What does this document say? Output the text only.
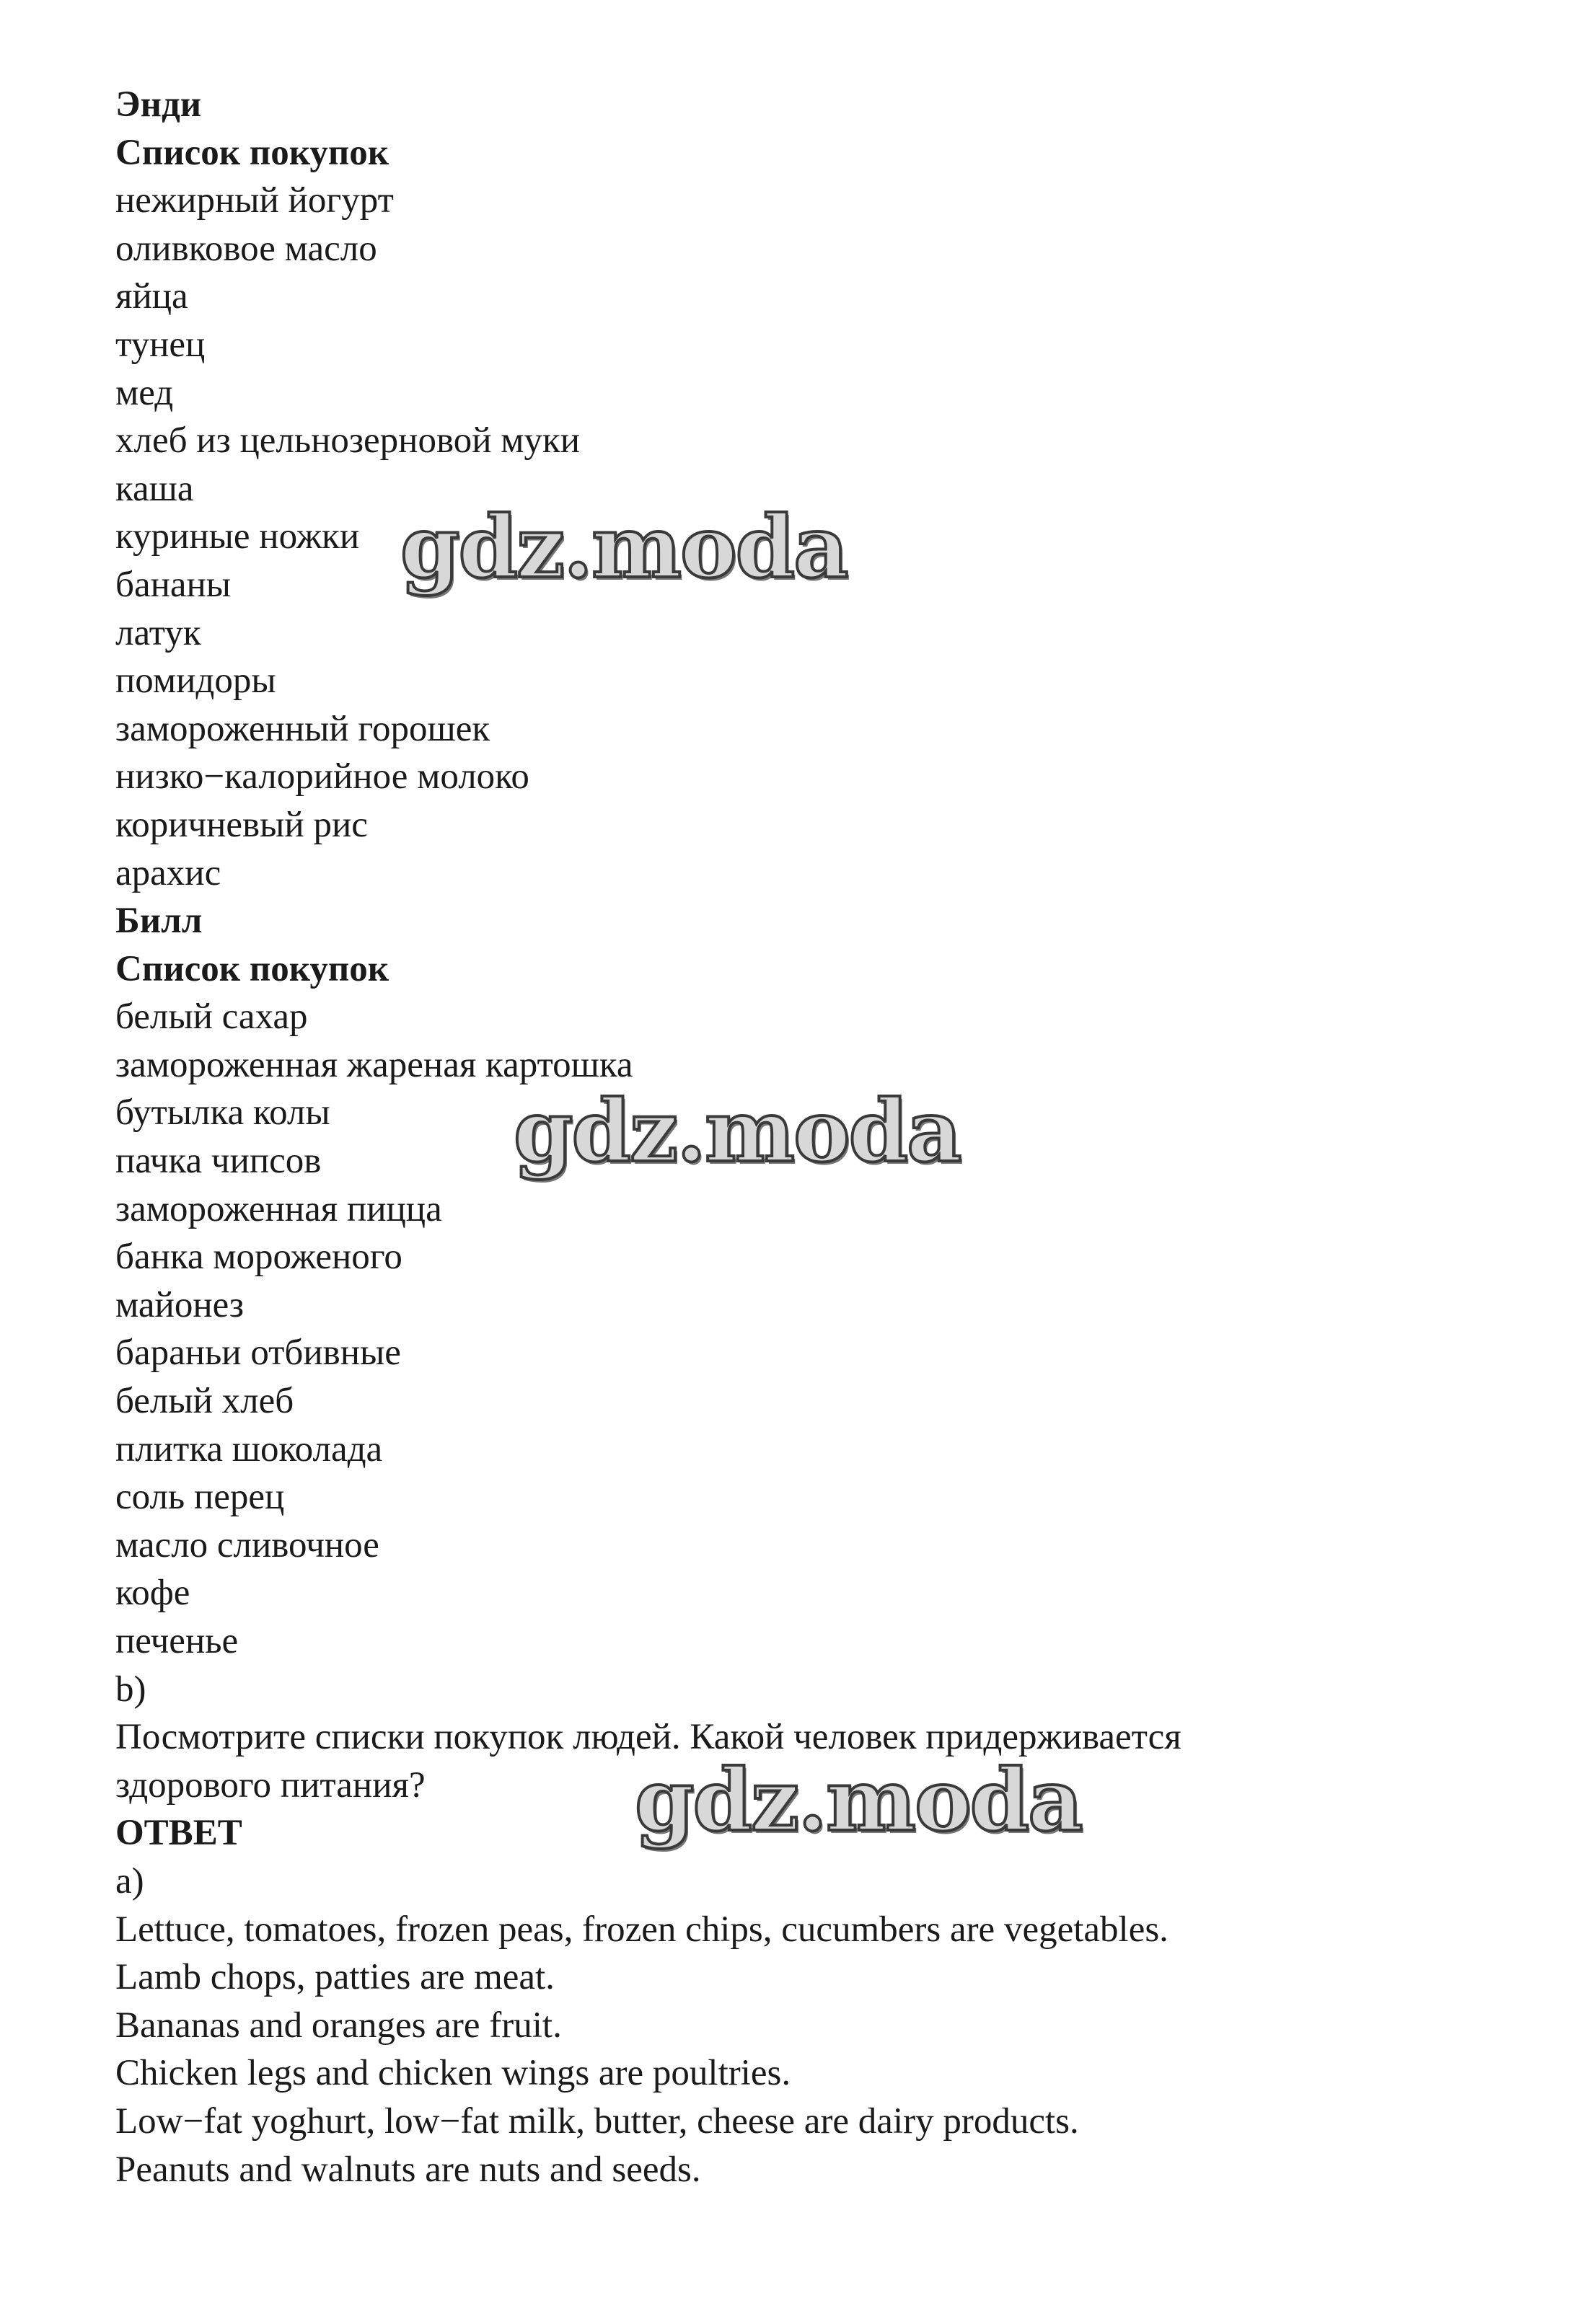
Энди
Список покупок
нежирный йогурт
оливковое масло
яйца
тунец
мед
хлеб из цельнозерновой муки
каша
куриные ножки
бананы
латук
помидоры
замороженный горошек
низко−калорийное молоко
коричневый рис
арахис
Билл
Список покупок
белый сахар
замороженная жареная картошка
бутылка колы
пачка чипсов
замороженная пицца
банка мороженого
майонез
бараньи отбивные
белый хлеб
плитка шоколада
соль перец
масло сливочное
кофе
печенье
b)
Посмотрите списки покупок людей. Какой человек придерживается
здорового питания?
ОТВЕТ
a)
Lettuce, tomatoes, frozen peas, frozen chips, cucumbers are vegetables.
Lamb chops, patties are meat.
Bananas and oranges are fruit.
Chicken legs and chicken wings are poultries.
Low−fat yoghurt, low−fat milk, butter, cheese are dairy products.
Peanuts and walnuts are nuts and seeds.
gdz.moda
gdz.moda
gdz.moda
